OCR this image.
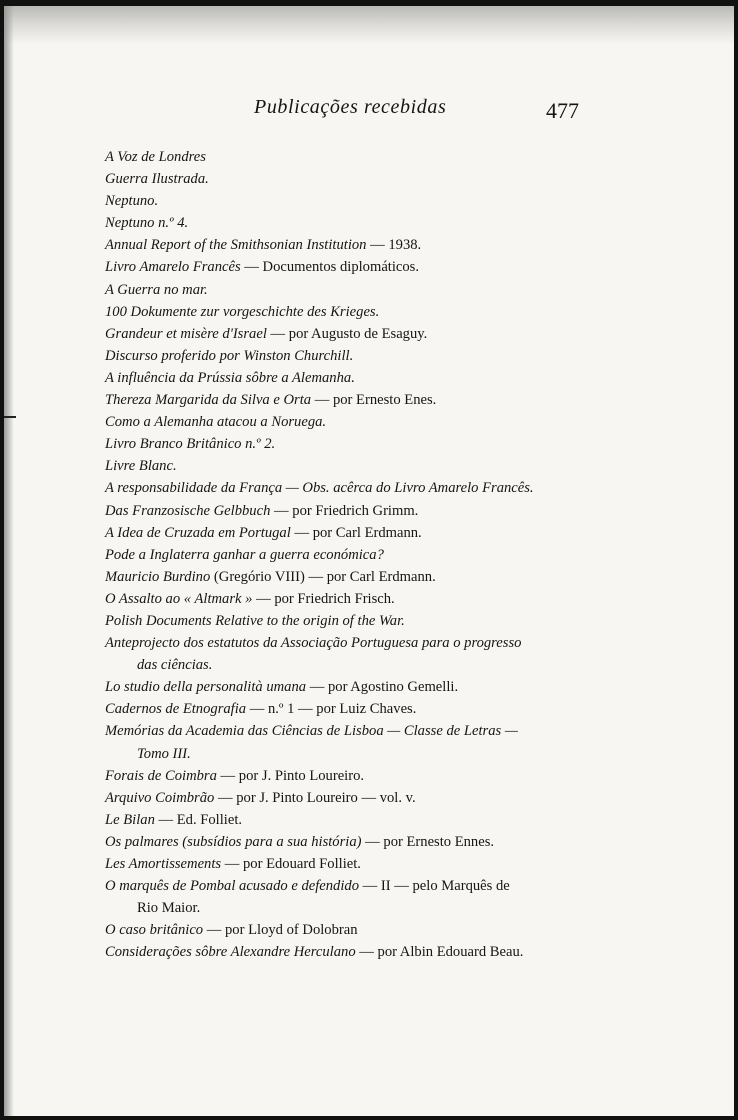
Publicações recebidas	477
A Voz de Londres
Guerra Ilustrada.
Neptuno.
Neptuno n.º 4.
Annual Report of the Smithsonian Institution — 1938.
Livro Amarelo Francês — Documentos diplomáticos.
A Guerra no mar.
100 Dokumente zur vorgeschichte des Krieges.
Grandeur et misère d'Israel — por Augusto de Esaguy.
Discurso proferido por Winston Churchill.
A influência da Prússia sôbre a Alemanha.
Thereza Margarida da Silva e Orta — por Ernesto Enes.
Como a Alemanha atacou a Noruega.
Livro Branco Britânico n.º 2.
Livre Blanc.
A responsabilidade da França — Obs. acêrca do Livro Amarelo Francês.
Das Franzosische Gelbbuch — por Friedrich Grimm.
A Idea de Cruzada em Portugal — por Carl Erdmann.
Pode a Inglaterra ganhar a guerra económica?
Mauricio Burdino (Gregório VIII) — por Carl Erdmann.
O Assalto ao « Altmark » — por Friedrich Frisch.
Polish Documents Relative to the origin of the War.
Anteprojecto dos estatutos da Associação Portuguesa para o progresso
das ciências.
Lo studio della personalità umana — por Agostino Gemelli.
Cadernos de Etnografia — n.º 1 — por Luiz Chaves.
Memórias da Academia das Ciências de Lisboa — Classe de Letras —
Tomo III.
Forais de Coimbra — por J. Pinto Loureiro.
Arquivo Coimbrão — por J. Pinto Loureiro — vol. v.
Le Bilan — Ed. Folliet.
Os palmares (subsídios para a sua história) — por Ernesto Ennes.
Les Amortissements — por Edouard Folliet.
O marquês de Pombal acusado e defendido — II — pelo Marquês de
Rio Maior.
O caso britânico — por Lloyd of Dolobran
Considerações sôbre Alexandre Herculano — por Albin Edouard Beau.
